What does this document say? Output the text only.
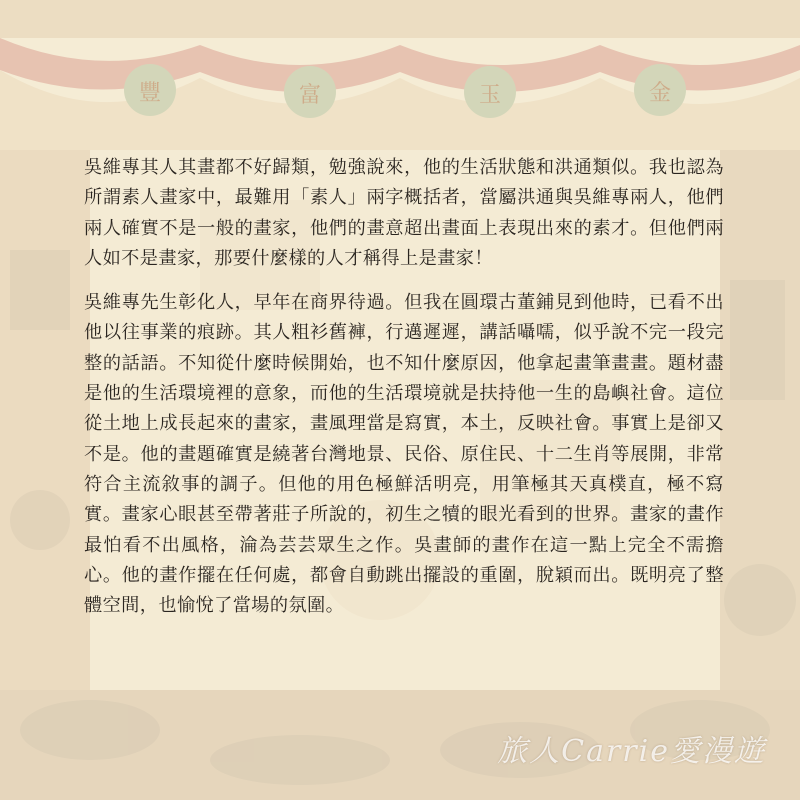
豐	富	玉	金

吳維專其人其畫都不好歸類，勉強說來，他的生活狀態和洪通類似。我也認為所謂素人畫家中，最難用「素人」兩字概括者，當屬洪通與吳維專兩人，他們兩人確實不是一般的畫家，他們的畫意超出畫面上表現出來的素才。但他們兩人如不是畫家，那要什麼樣的人才稱得上是畫家！

吳維專先生彰化人，早年在商界待過。但我在圓環古董鋪見到他時，已看不出他以往事業的痕跡。其人粗衫舊褲，行邁遲遲，講話囁嚅，似乎說不完一段完整的話語。不知從什麼時候開始，也不知什麼原因，他拿起畫筆畫畫。題材盡是他的生活環境裡的意象，而他的生活環境就是扶持他一生的島嶼社會。這位從土地上成長起來的畫家，畫風理當是寫實，本土，反映社會。事實上是卻又不是。他的畫題確實是繞著台灣地景、民俗、原住民、十二生肖等展開，非常符合主流敘事的調子。但他的用色極鮮活明亮，用筆極其天真樸直，極不寫實。畫家心眼甚至帶著莊子所說的，初生之犢的眼光看到的世界。畫家的畫作最怕看不出風格，淪為芸芸眾生之作。吳畫師的畫作在這一點上完全不需擔心。他的畫作擺在任何處，都會自動跳出擺設的重圍，脫穎而出。既明亮了整體空間，也愉悅了當場的氛圍。

旅人Carrie愛漫遊
